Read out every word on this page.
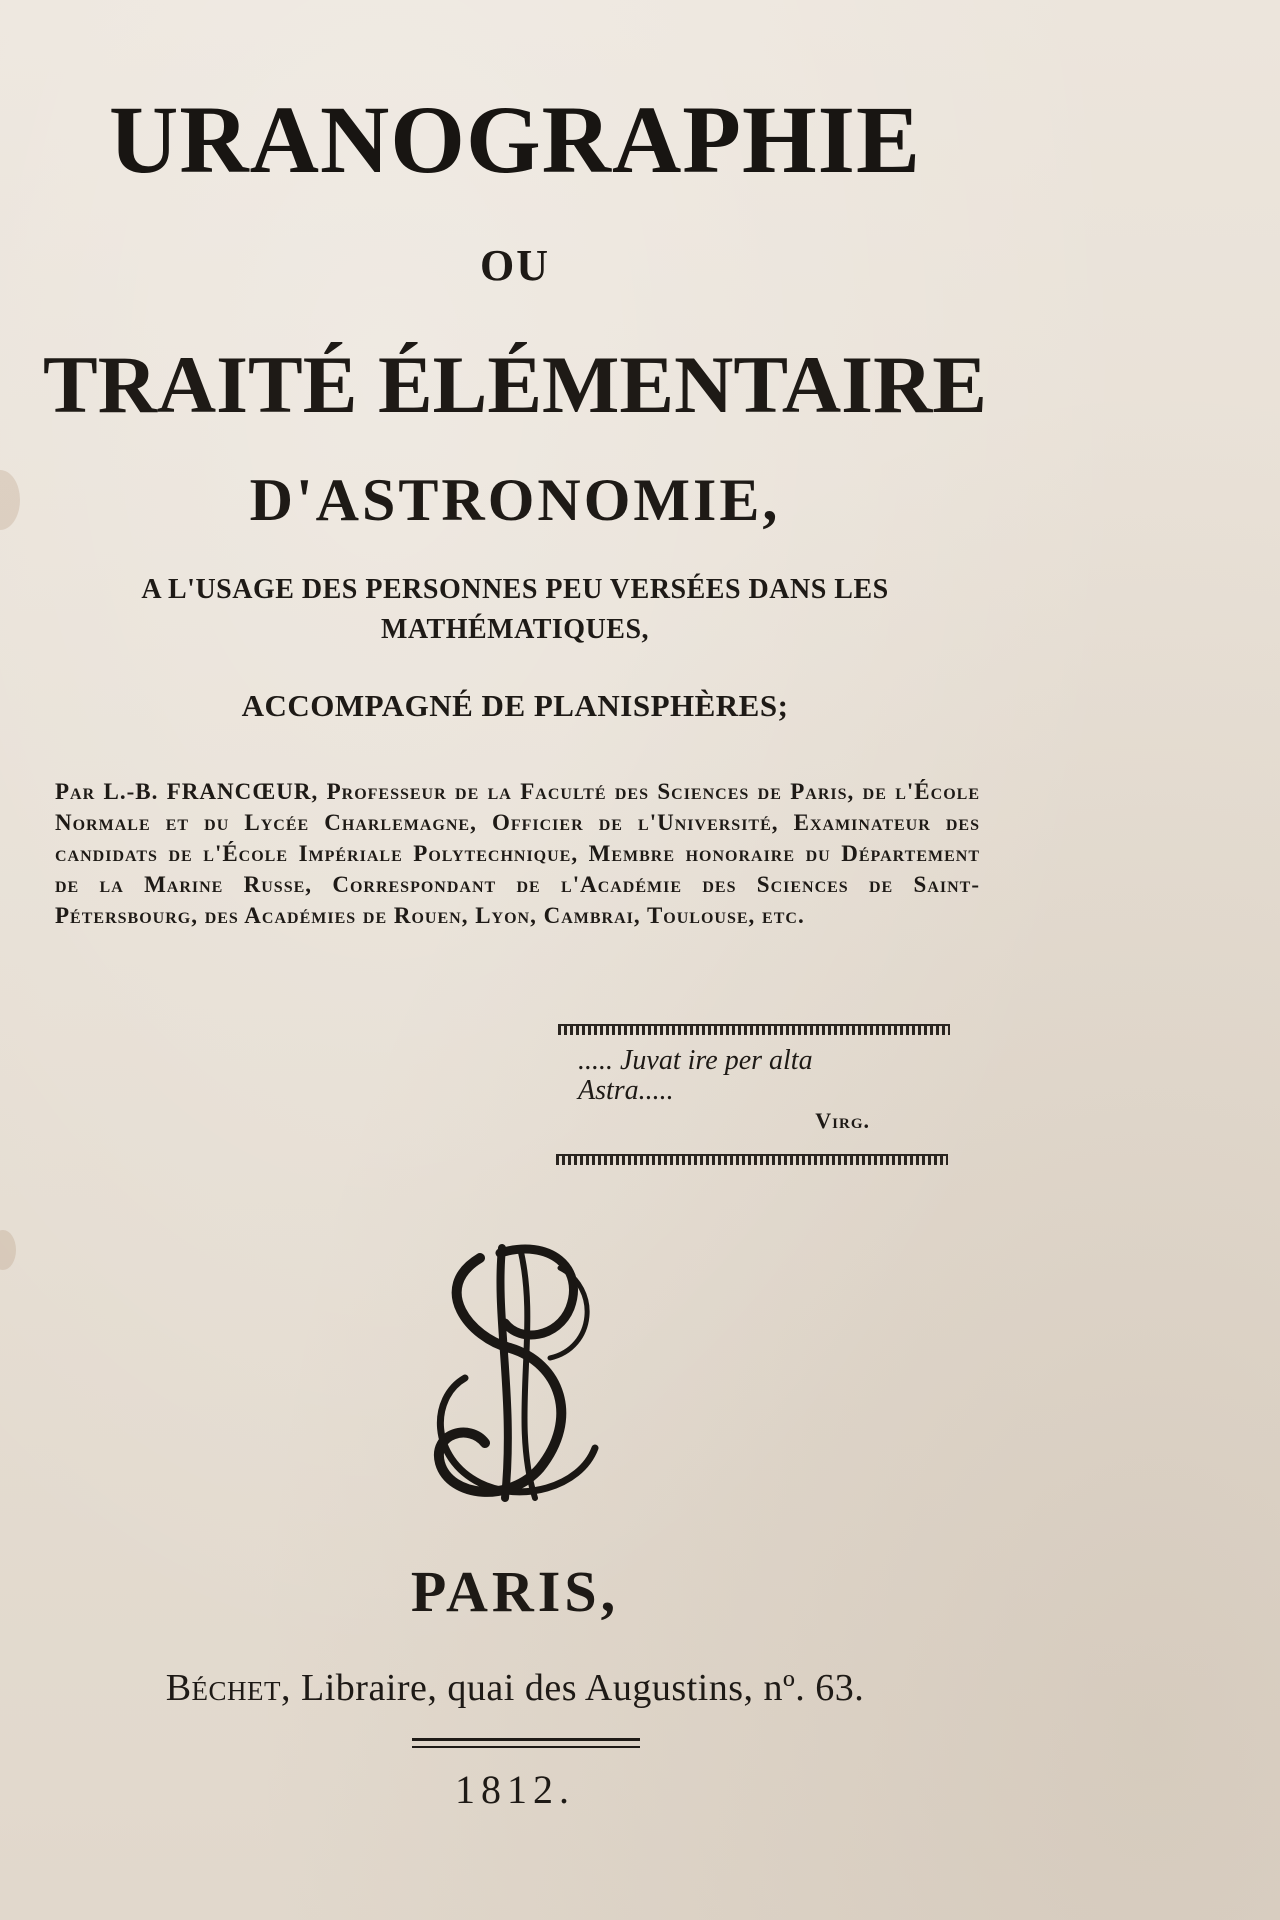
URANOGRAPHIE
OU
TRAITÉ ÉLÉMENTAIRE
D'ASTRONOMIE,
A L'USAGE DES PERSONNES PEU VERSÉES DANS LES
MATHÉMATIQUES,
ACCOMPAGNÉ DE PLANISPHÈRES;
Par L.-B. FRANCŒUR, Professeur de la Faculté des Sciences de Paris, de l'École Normale et du Lycée Charlemagne, Officier de l'Université, Examinateur des candidats de l'École Impériale Polytechnique, Membre honoraire du Département de la Marine Russe, Correspondant de l'Académie des Sciences de Saint-Pétersbourg, des Académies de Rouen, Lyon, Cambrai, Toulouse, etc.
..... Juvat ire per alta
Astra.....
Virg.
PARIS,
Béchet, Libraire, quai des Augustins, nº. 63.
1812.
